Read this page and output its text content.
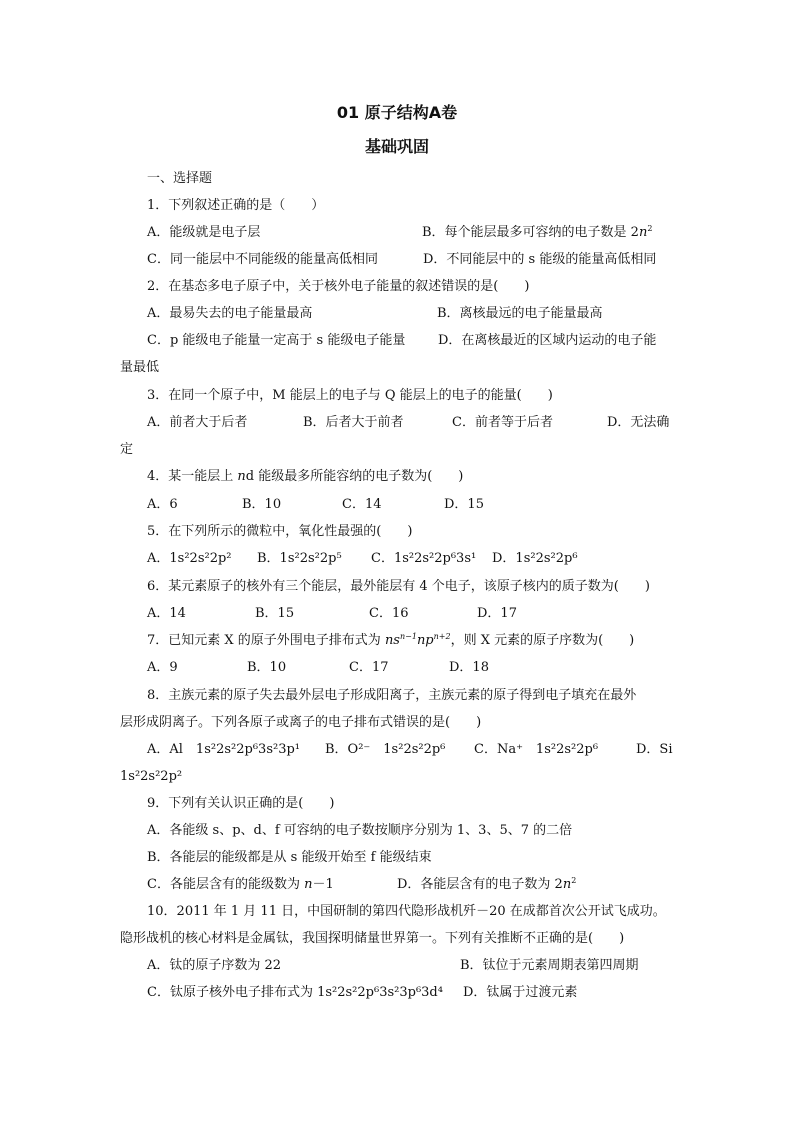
01 原子结构A卷
基础巩固
一、选择题
1．下列叙述正确的是（　　）
A．能级就是电子层	B．每个能层最多可容纳的电子数是 $2n^2$
C．同一能层中不同能级的能量高低相同	D．不同能层中的 s 能级的能量高低相同
2．在基态多电子原子中，关于核外电子能量的叙述错误的是(　　)
A．最易失去的电子能量最高	B．离核最远的电子能量最高
C．p 能级电子能量一定高于 s 能级电子能量	D．在离核最近的区域内运动的电子能
量最低
3．在同一个原子中，M 能层上的电子与 Q 能层上的电子的能量(　　)
A．前者大于后者	B．后者大于前者	C．前者等于后者	D．无法确
定
4．某一能层上 nd 能级最多所能容纳的电子数为(　　)
A．6	B．10	C．14	D．15
5．在下列所示的微粒中，氧化性最强的(　　)
A．1s²2s²2p² B．1s²2s²2p⁵ C．1s²2s²2p⁶3s¹ D．1s²2s²2p⁶
6．某元素原子的核外有三个能层，最外能层有 4 个电子，该原子核内的质子数为(　　)
A．14	B．15	C．16	D．17
7．已知元素 X 的原子外围电子排布式为 $ns^{n-1}np^{n+2}$，则 X 元素的原子序数为(　　)
A．9	B．10	C．17	D．18
8．主族元素的原子失去最外层电子形成阳离子，主族元素的原子得到电子填充在最外
层形成阴离子。下列各原子或离子的电子排布式错误的是(　　)
A．Al　1s²2s²2p⁶3s²3p¹ B．O²⁻　1s²2s²2p⁶ C．Na⁺　1s²2s²2p⁶	D．Si
1s²2s²2p²
9．下列有关认识正确的是(　　)
A．各能级 s、p、d、f 可容纳的电子数按顺序分别为 1、3、5、7 的二倍
B．各能层的能级都是从 s 能级开始至 f 能级结束
C．各能层含有的能级数为 n－1	D．各能层含有的电子数为 $2n^2$
10．2011 年 1 月 11 日，中国研制的第四代隐形战机歼－20 在成都首次公开试飞成功。
隐形战机的核心材料是金属钛，我国探明储量世界第一。下列有关推断不正确的是(　　)
A．钛的原子序数为 22	B．钛位于元素周期表第四周期
C．钛原子核外电子排布式为 1s²2s²2p⁶3s²3p⁶3d⁴ D．钛属于过渡元素
